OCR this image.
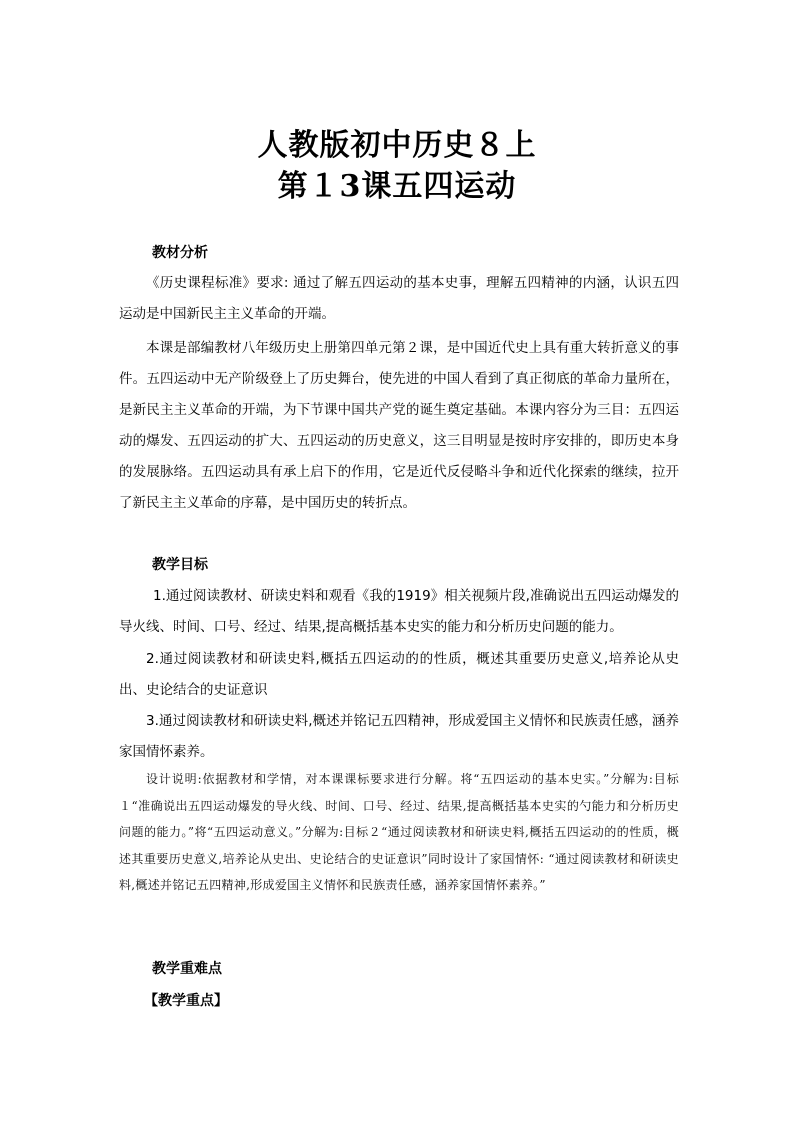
人教版初中历史８上
第１3课五四运动
教材分析

《历史课程标准》要求: 通过了解五四运动的基本史事，理解五四精神的内涵，认识五四运动是中国新民主主义革命的开端。

本课是部编教材八年级历史上册第四单元第２课，是中国近代史上具有重大转折意义的事件。五四运动中无产阶级登上了历史舞台，使先进的中国人看到了真正彻底的革命力量所在，是新民主主义革命的开端，为下节课中国共产党的诞生奠定基础。本课内容分为三目：五四运动的爆发、五四运动的扩大、五四运动的历史意义，这三目明显是按时序安排的，即历史本身的发展脉络。五四运动具有承上启下的作用，它是近代反侵略斗争和近代化探索的继续，拉开了新民主主义革命的序幕，是中国历史的转折点。

教学目标

1.通过阅读教材、研读史料和观看《我的1919》相关视频片段,准确说出五四运动爆发的导火线、时间、口号、经过、结果,提高概括基本史实的能力和分析历史问题的能力。

2.通过阅读教材和研读史料,概括五四运动的的性质，概述其重要历史意义,培养论从史出、史论结合的史证意识

3.通过阅读教材和研读史料,概述并铭记五四精神，形成爱国主义情怀和民族责任感，涵养家国情怀素养。

设计说明:依据教材和学情，对本课课标要求进行分解。将“五四运动的基本史实。”分解为:目标１“准确说出五四运动爆发的导火线、时间、口号、经过、结果,提高概括基本史实的勺能力和分析历史问题的能力。”将“五四运动意义。”分解为:目标２“通过阅读教材和研读史料,概括五四运动的的性质，概述其重要历史意义,培养论从史出、史论结合的史证意识”同时设计了家国情怀: “通过阅读教材和研读史料,概述并铭记五四精神,形成爱国主义情怀和民族责任感，涵养家国情怀素养。”

教学重难点
【教学重点】
